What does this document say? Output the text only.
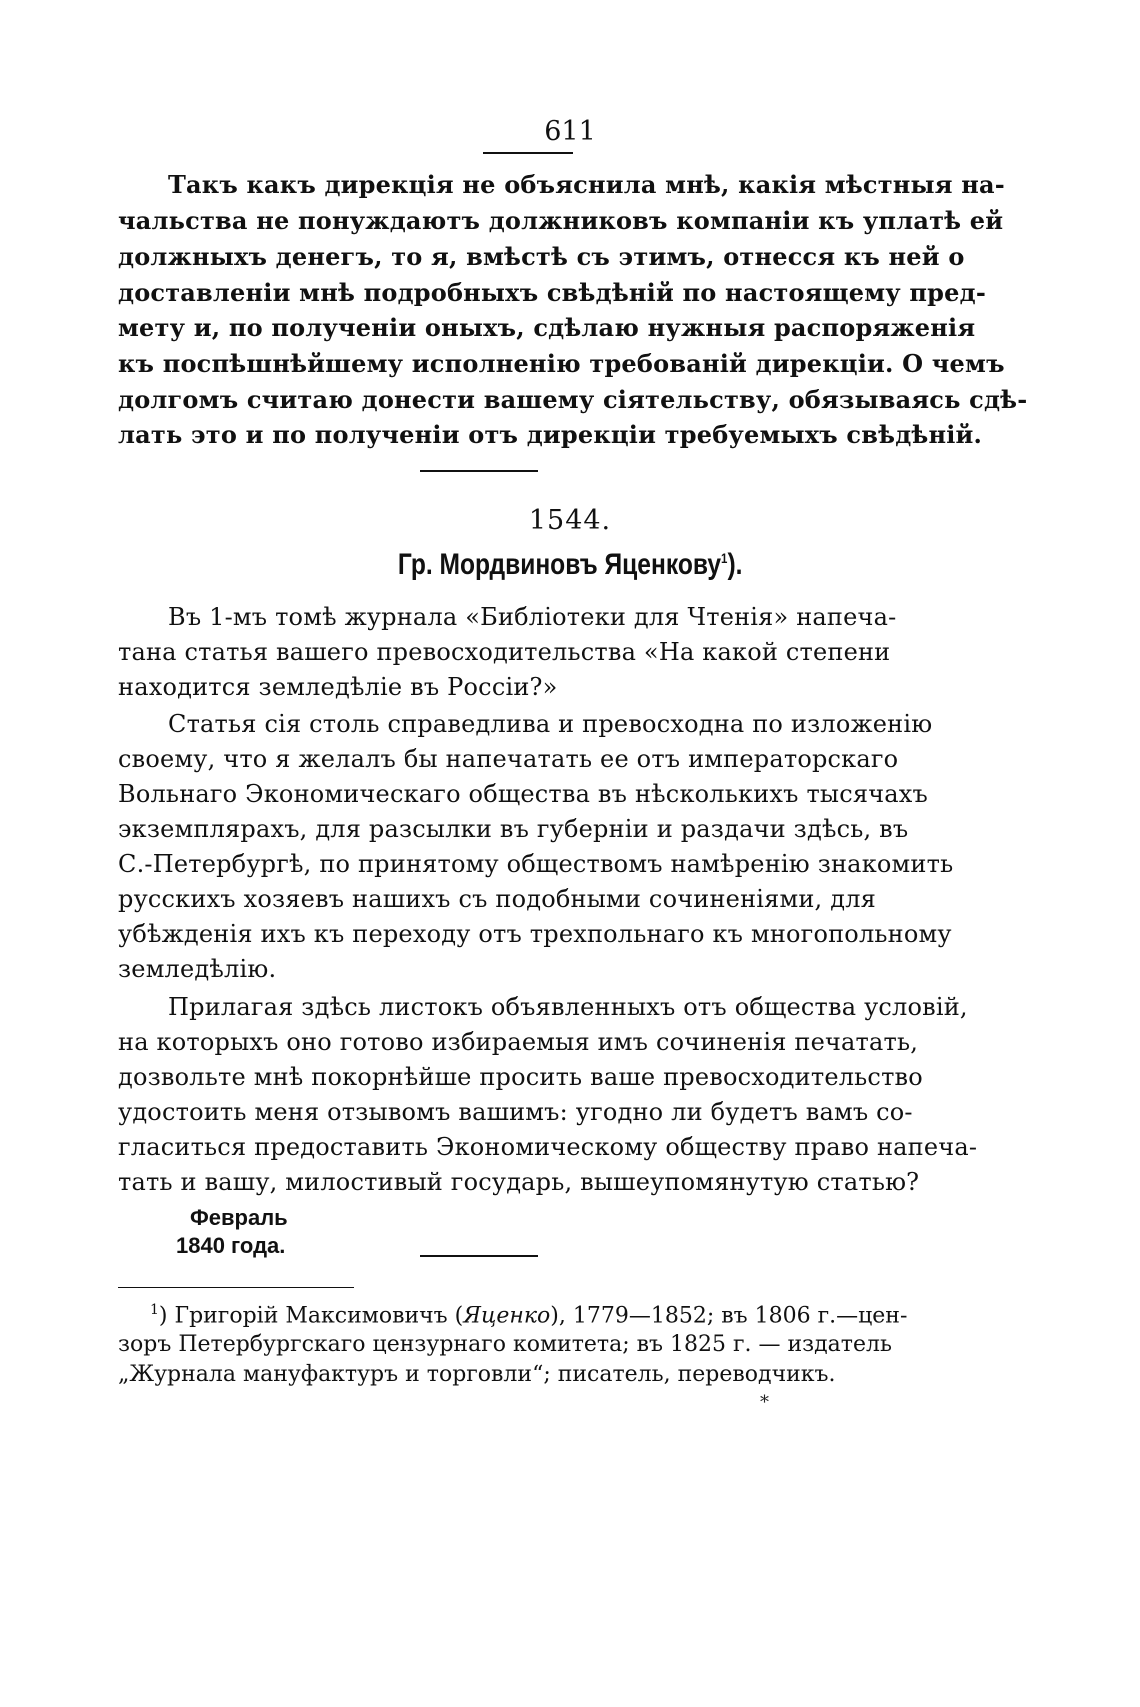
611
Такъ какъ дирекція не объяснила мнѣ, какія мѣстныя на-
чальства не понуждаютъ должниковъ компаніи къ уплатѣ ей
должныхъ денегъ, то я, вмѣстѣ съ этимъ, отнесся къ ней о
доставленіи мнѣ подробныхъ свѣдѣній по настоящему пред-
мету и, по полученіи оныхъ, сдѣлаю нужныя распоряженія
къ поспѣшнѣйшему исполненію требованій дирекціи. О чемъ
долгомъ считаю донести вашему сіятельству, обязываясь сдѣ-
лать это и по полученіи отъ дирекціи требуемыхъ свѣдѣній.
1544.
Гр. Мордвиновъ Яценкову$^1$).
Въ 1-мъ томѣ журнала «Библіотеки для Чтенія» напеча-
тана статья вашего превосходительства «На какой степени
находится земледѣліе въ Россіи?»
Статья сія столь справедлива и превосходна по изложенію
своему, что я желалъ бы напечатать ее отъ императорскаго
Вольнаго Экономическаго общества въ нѣсколькихъ тысячахъ
экземплярахъ, для разсылки въ губерніи и раздачи здѣсь, въ
С.-Петербургѣ, по принятому обществомъ намѣренію знакомить
русскихъ хозяевъ нашихъ съ подобными сочиненіями, для
убѣжденія ихъ къ переходу отъ трехпольнаго къ многопольному
земледѣлію.
Прилагая здѣсь листокъ объявленныхъ отъ общества условій,
на которыхъ оно готово избираемыя имъ сочиненія печатать,
дозвольте мнѣ покорнѣйше просить ваше превосходительство
удостоить меня отзывомъ вашимъ: угодно ли будетъ вамъ со-
гласиться предоставить Экономическому обществу право напеча-
тать и вашу, милостивый государь, вышеупомянутую статью?
Февраль
1840 года.
$^1$) Григорій Максимовичъ (Яценко), 1779—1852; въ 1806 г.—цен-
зоръ Петербургскаго цензурнаго комитета; въ 1825 г. — издатель
„Журнала мануфактуръ и торговли“; писатель, переводчикъ.
*
